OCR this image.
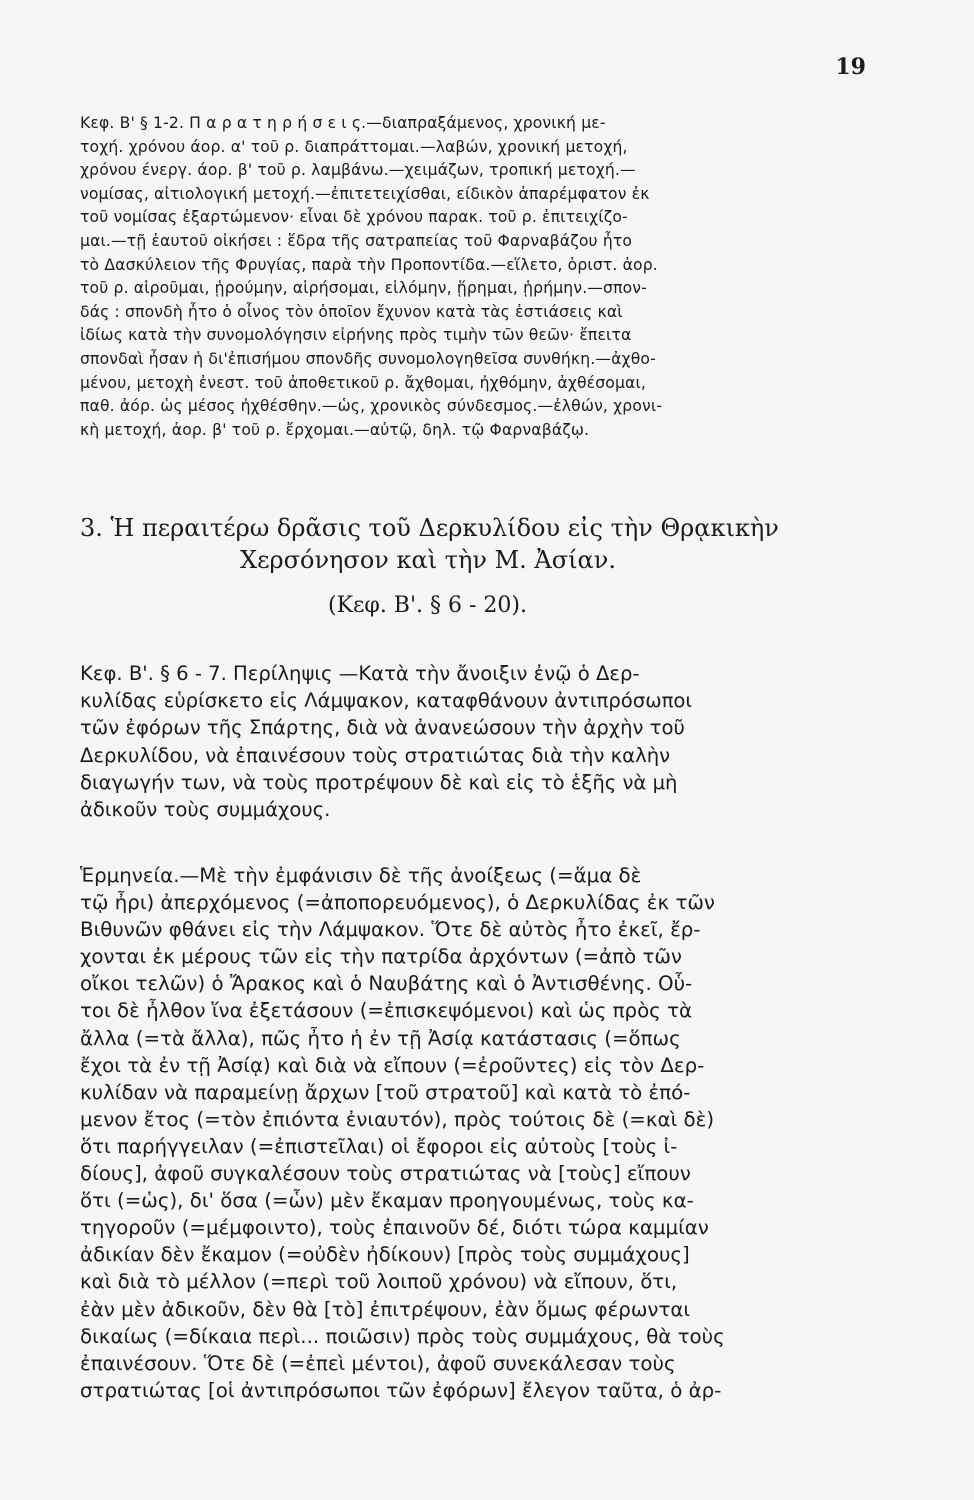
19

Κεφ. Β' § 1-2. Π α ρ α τ η ρ ή σ ε ι ς.—διαπραξάμενος, χρονική με-

τοχή. χρόνου άορ. α' τοῦ ρ. διαπράττομαι.—λαβών, χρονική μετοχή,

χρόνου ένεργ. άορ. β' τοῦ ρ. λαμβάνω.—χειμάζων, τροπική μετοχή.—

νομίσας, αἰτιολογική μετοχή.—ἐπιτετειχίσθαι, είδικὸν ἀπαρέμφατον ἐκ

τοῦ νομίσας ἐξαρτώμενον· εἶναι δὲ χρόνου παρακ. τοῦ ρ. ἐπιτειχίζο-

μαι.—τῇ ἑαυτοῦ οἰκήσει : ἕδρα τῆς σατραπείας τοῦ Φαρναβάζου ἦτο

τὸ Δασκύλειον τῆς Φρυγίας, παρὰ τὴν Προποντίδα.—εἵλετο, ὁριστ. ἀορ.

τοῦ ρ. αἱροῦμαι, ᾑρούμην, αἱρήσομαι, εἱλόμην, ᾕρημαι, ᾑρήμην.—σπον-

δάς : σπονδὴ ἦτο ὁ οἶνος τὸν ὁποῖον ἔχυνον κατὰ τὰς ἑστιάσεις καὶ

ἰδίως κατὰ τὴν συνομολόγησιν εἰρήνης πρὸς τιμὴν τῶν θεῶν· ἔπειτα

σπονδαὶ ἦσαν ἡ δι'ἐπισήμου σπονδῆς συνομολογηθεῖσα συνθήκη.—ἀχθο-

μένου, μετοχὴ ἐνεστ. τοῦ ἀποθετικοῦ ρ. ἄχθομαι, ἠχθόμην, ἀχθέσομαι,

παθ. ἀόρ. ὡς μέσος ἠχθέσθην.—ὡς, χρονικὸς σύνδεσμος.—ἐλθών, χρονι-

κὴ μετοχή, ἀορ. β' τοῦ ρ. ἔρχομαι.—αὐτῷ, δηλ. τῷ Φαρναβάζῳ.

3. Ἡ περαιτέρω δρᾶσις τοῦ Δερκυλίδου εἰς τὴν Θρᾳκικὴν

Χερσόνησον καὶ τὴν Μ. Ἀσίαν.

(Κεφ. Β'. § 6 - 20).

Κεφ. Β'. § 6 - 7. Περίληψις —Κατὰ τὴν ἄνοιξιν ἐνῷ ὁ Δερ-

κυλίδας εὑρίσκετο εἰς Λάμψακον, καταφθάνουν ἀντιπρόσωποι

τῶν ἐφόρων τῆς Σπάρτης, διὰ νὰ ἀνανεώσουν τὴν ἀρχὴν τοῦ

Δερκυλίδου, νὰ ἐπαινέσουν τοὺς στρατιώτας διὰ τὴν καλὴν

διαγωγήν των, νὰ τοὺς προτρέψουν δὲ καὶ εἰς τὸ ἑξῆς νὰ μὴ

ἀδικοῦν τοὺς συμμάχους.

Ἑρμηνεία.—Μὲ τὴν ἐμφάνισιν δὲ τῆς ἀνοίξεως (=ἅμα δὲ

τῷ ἦρι) ἀπερχόμενος (=ἀποπορευόμενος), ὁ Δερκυλίδας ἐκ τῶν

Βιθυνῶν φθάνει εἰς τὴν Λάμψακον. Ὅτε δὲ αὐτὸς ἦτο ἐκεῖ, ἔρ-

χονται ἐκ μέρους τῶν εἰς τὴν πατρίδα ἀρχόντων (=ἀπὸ τῶν

οἴκοι τελῶν) ὁ Ἄρακος καὶ ὁ Ναυβάτης καὶ ὁ Ἀντισθένης. Οὗ-

τοι δὲ ἦλθον ἵνα ἐξετάσουν (=ἐπισκεψόμενοι) καὶ ὡς πρὸς τὰ

ἄλλα (=τὰ ἄλλα), πῶς ἦτο ἡ ἐν τῇ Ἀσίᾳ κατάστασις (=ὅπως

ἔχοι τὰ ἐν τῇ Ἀσίᾳ) καὶ διὰ νὰ εἴπουν (=ἐροῦντες) εἰς τὸν Δερ-

κυλίδαν νὰ παραμείνῃ ἄρχων [τοῦ στρατοῦ] καὶ κατὰ τὸ ἐπό-

μενον ἔτος (=τὸν ἐπιόντα ἐνιαυτόν), πρὸς τούτοις δὲ (=καὶ δὲ)

ὅτι παρήγγειλαν (=ἐπιστεῖλαι) οἱ ἔφοροι εἰς αὐτοὺς [τοὺς ἰ-

δίους], ἀφοῦ συγκαλέσουν τοὺς στρατιώτας νὰ [τοὺς] εἴπουν

ὅτι (=ὡς), δι' ὅσα (=ὧν) μὲν ἔκαμαν προηγουμένως, τοὺς κα-

τηγοροῦν (=μέμφοιντο), τοὺς ἐπαινοῦν δέ, διότι τώρα καμμίαν

ἀδικίαν δὲν ἔκαμον (=οὐδὲν ἠδίκουν) [πρὸς τοὺς συμμάχους]

καὶ διὰ τὸ μέλλον (=περὶ τοῦ λοιποῦ χρόνου) νὰ εἴπουν, ὅτι,

ἐὰν μὲν ἀδικοῦν, δὲν θὰ [τὸ] ἐπιτρέψουν, ἐὰν ὅμως φέρωνται

δικαίως (=δίκαια περὶ... ποιῶσιν) πρὸς τοὺς συμμάχους, θὰ τοὺς

ἐπαινέσουν. Ὅτε δὲ (=ἐπεὶ μέντοι), ἀφοῦ συνεκάλεσαν τοὺς

στρατιώτας [οἱ ἀντιπρόσωποι τῶν ἐφόρων] ἔλεγον ταῦτα, ὁ ἀρ-
